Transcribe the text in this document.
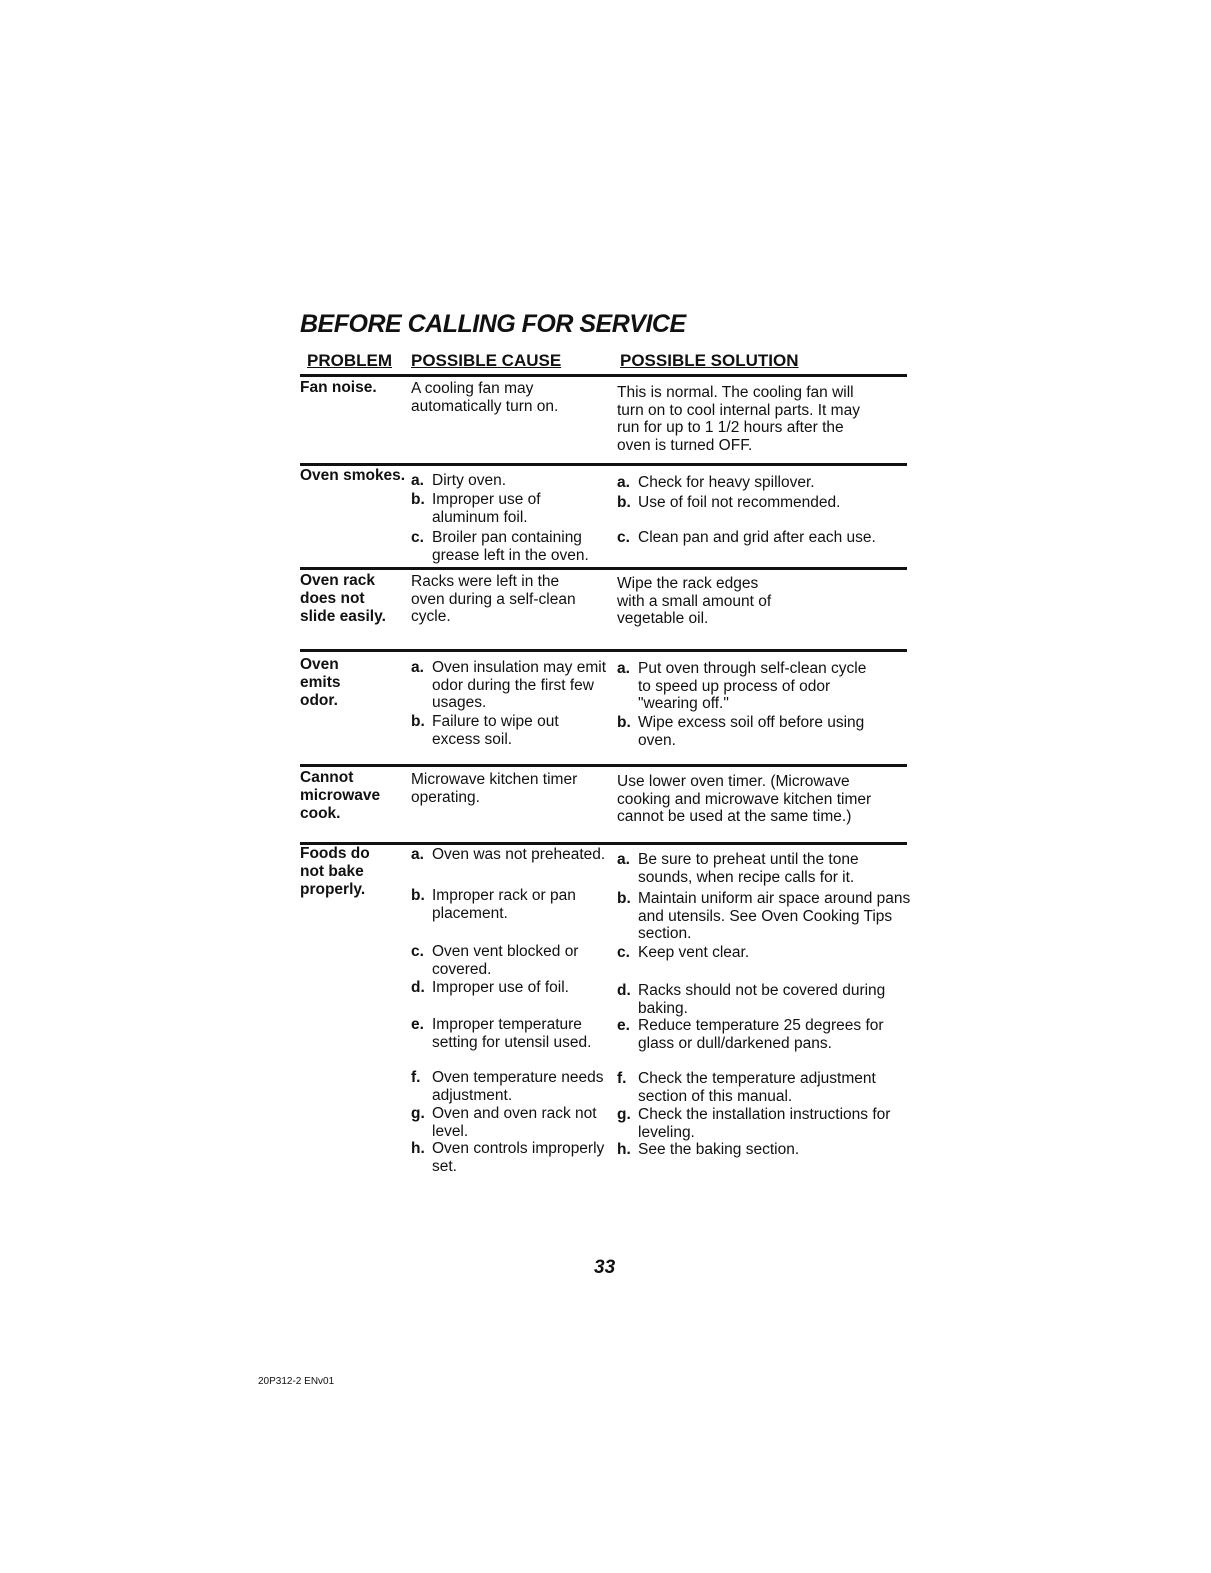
BEFORE CALLING FOR SERVICE
PROBLEM POSSIBLE CAUSE	POSSIBLE SOLUTION
Fan noise. A cooling fan may
automatically turn on.
This is normal. The cooling fan will
turn on to cool internal parts. It may
run for up to 1 1/2 hours after the
oven is turned OFF.
Oven smokes. a. Dirty oven.
b. Improper use of
aluminum foil.
c. Broiler pan containing
grease left in the oven.
a. Check for heavy spillover.
b. Use of foil not recommended.
c. Clean pan and grid after each use.
Oven rack
does not
slide easily.
Racks were left in the
oven during a self-clean
cycle.
Wipe the rack edges
with a small amount of
vegetable oil.
Oven
emits
odor.
a. Oven insulation may emit
odor during the first few
usages.
b. Failure to wipe out
excess soil.
a. Put oven through self-clean cycle
to speed up process of odor
"wearing off."
b. Wipe excess soil off before using
oven.
Cannot
microwave
cook.
Microwave kitchen timer
operating.
Use lower oven timer. (Microwave
cooking and microwave kitchen timer
cannot be used at the same time.)
Foods do
not bake
properly.
a. Oven was not preheated.
b. Improper rack or pan
placement.
c. Oven vent blocked or
covered.
d. Improper use of foil.
e. Improper temperature
setting for utensil used.
f. Oven temperature needs
adjustment.
g. Oven and oven rack not
level.
h. Oven controls improperly
set.
a. Be sure to preheat until the tone
sounds, when recipe calls for it.
b. Maintain uniform air space around pans
and utensils. See Oven Cooking Tips
section.
c. Keep vent clear.
d. Racks should not be covered during
baking.
e. Reduce temperature 25 degrees for
glass or dull/darkened pans.
f. Check the temperature adjustment
section of this manual.
g. Check the installation instructions for
leveling.
h. See the baking section.
33
20P312-2 ENv01
